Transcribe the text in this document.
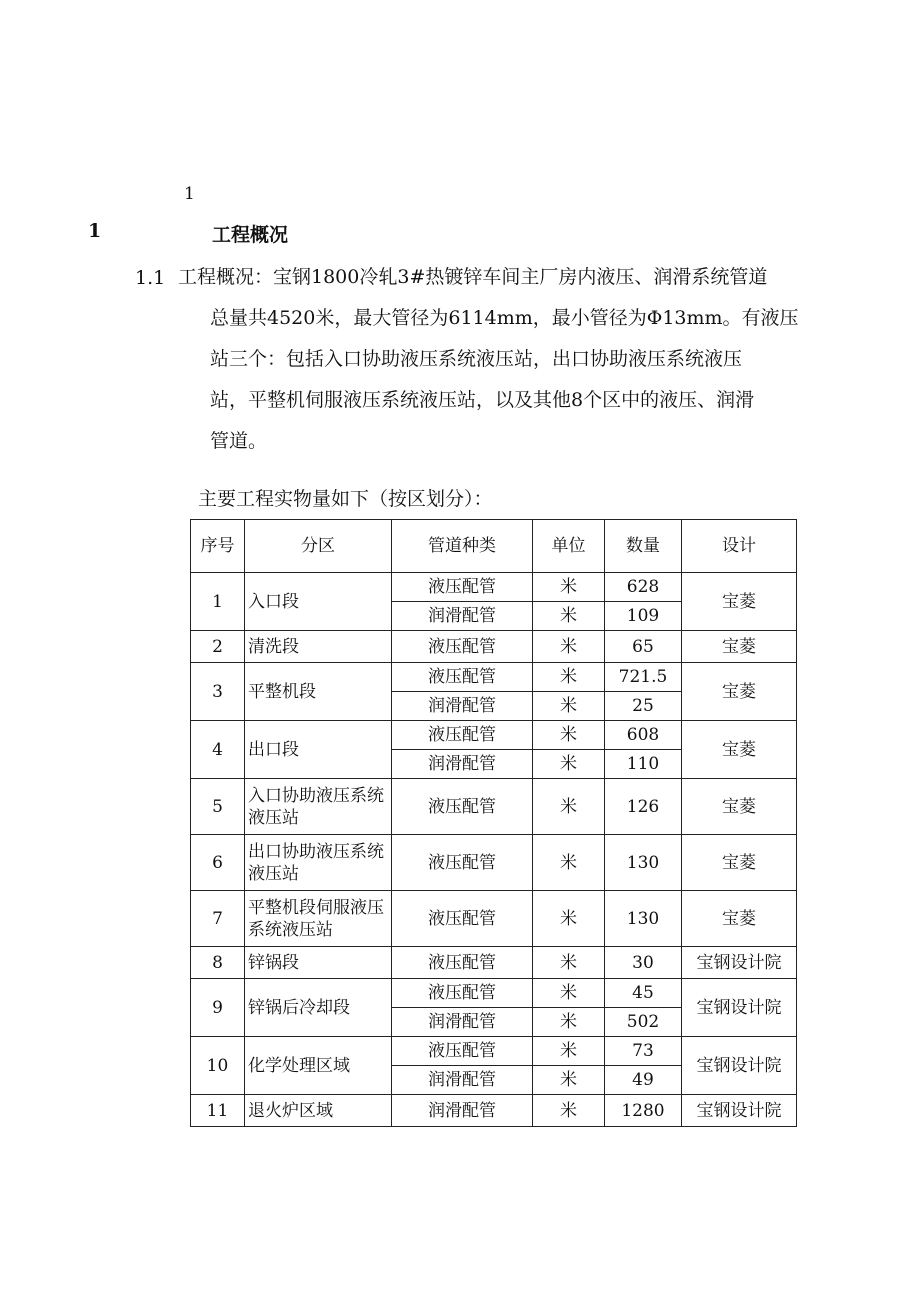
1
1	工程概况
1.1 工程概况：宝钢1800冷轧3#热镀锌车间主厂房内液压、润滑系统管道
总量共4520米，最大管径为6114mm，最小管径为Φ13mm。有液压
站三个：包括入口协助液压系统液压站，出口协助液压系统液压
站，平整机伺服液压系统液压站，以及其他8个区中的液压、润滑
管道。
主要工程实物量如下（按区划分）：
序号	分区	管道种类	单位	数量	设计
1	入口段	液压配管	米	628	宝菱
		润滑配管	米	109	
2	清洗段	液压配管	米	65	宝菱
3	平整机段	液压配管	米	721.5	宝菱
		润滑配管	米	25	
4	出口段	液压配管	米	608	宝菱
		润滑配管	米	110	
5	入口协助液压系统液压站	液压配管	米	126	宝菱
6	出口协助液压系统液压站	液压配管	米	130	宝菱
7	平整机段伺服液压系统液压站	液压配管	米	130	宝菱
8	锌锅段	液压配管	米	30	宝钢设计院
9	锌锅后冷却段	液压配管	米	45	宝钢设计院
		润滑配管	米	502	
10	化学处理区域	液压配管	米	73	宝钢设计院
		润滑配管	米	49	
11	退火炉区域	润滑配管	米	1280	宝钢设计院
